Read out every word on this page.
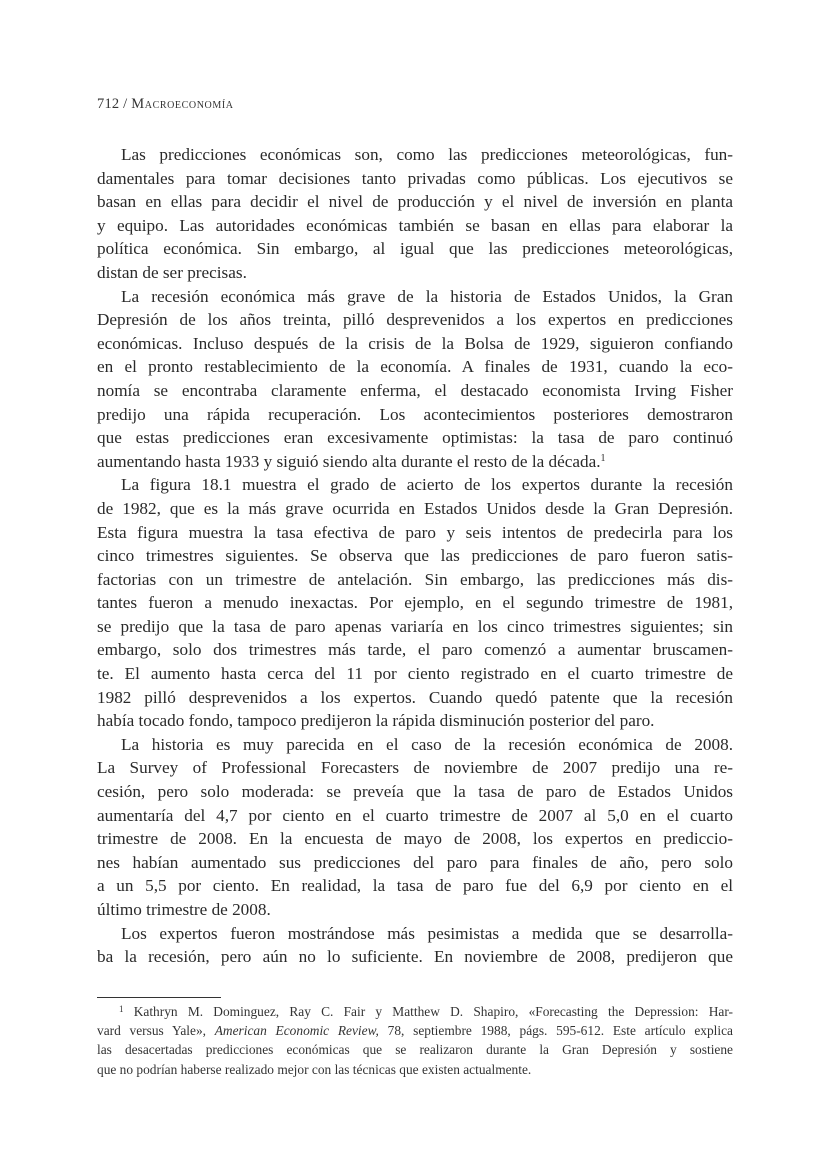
712 / Macroeconomía
Las predicciones económicas son, como las predicciones meteorológicas, fun-
damentales para tomar decisiones tanto privadas como públicas. Los ejecutivos se
basan en ellas para decidir el nivel de producción y el nivel de inversión en planta
y equipo. Las autoridades económicas también se basan en ellas para elaborar la
política económica. Sin embargo, al igual que las predicciones meteorológicas,
distan de ser precisas.
La recesión económica más grave de la historia de Estados Unidos, la Gran
Depresión de los años treinta, pilló desprevenidos a los expertos en predicciones
económicas. Incluso después de la crisis de la Bolsa de 1929, siguieron confiando
en el pronto restablecimiento de la economía. A finales de 1931, cuando la eco-
nomía se encontraba claramente enferma, el destacado economista Irving Fisher
predijo una rápida recuperación. Los acontecimientos posteriores demostraron
que estas predicciones eran excesivamente optimistas: la tasa de paro continuó
aumentando hasta 1933 y siguió siendo alta durante el resto de la década.$^1$
La figura 18.1 muestra el grado de acierto de los expertos durante la recesión
de 1982, que es la más grave ocurrida en Estados Unidos desde la Gran Depresión.
Esta figura muestra la tasa efectiva de paro y seis intentos de predecirla para los
cinco trimestres siguientes. Se observa que las predicciones de paro fueron satis-
factorias con un trimestre de antelación. Sin embargo, las predicciones más dis-
tantes fueron a menudo inexactas. Por ejemplo, en el segundo trimestre de 1981,
se predijo que la tasa de paro apenas variaría en los cinco trimestres siguientes; sin
embargo, solo dos trimestres más tarde, el paro comenzó a aumentar bruscamen-
te. El aumento hasta cerca del 11 por ciento registrado en el cuarto trimestre de
1982 pilló desprevenidos a los expertos. Cuando quedó patente que la recesión
había tocado fondo, tampoco predijeron la rápida disminución posterior del paro.
La historia es muy parecida en el caso de la recesión económica de 2008.
La Survey of Professional Forecasters de noviembre de 2007 predijo una re-
cesión, pero solo moderada: se preveía que la tasa de paro de Estados Unidos
aumentaría del 4,7 por ciento en el cuarto trimestre de 2007 al 5,0 en el cuarto
trimestre de 2008. En la encuesta de mayo de 2008, los expertos en prediccio-
nes habían aumentado sus predicciones del paro para finales de año, pero solo
a un 5,5 por ciento. En realidad, la tasa de paro fue del 6,9 por ciento en el
último trimestre de 2008.
Los expertos fueron mostrándose más pesimistas a medida que se desarrolla-
ba la recesión, pero aún no lo suficiente. En noviembre de 2008, predijeron que
$^1$ Kathryn M. Dominguez, Ray C. Fair y Matthew D. Shapiro, «Forecasting the Depression: Har-
vard versus Yale», American Economic Review, 78, septiembre 1988, págs. 595-612. Este artículo explica
las desacertadas predicciones económicas que se realizaron durante la Gran Depresión y sostiene
que no podrían haberse realizado mejor con las técnicas que existen actualmente.
